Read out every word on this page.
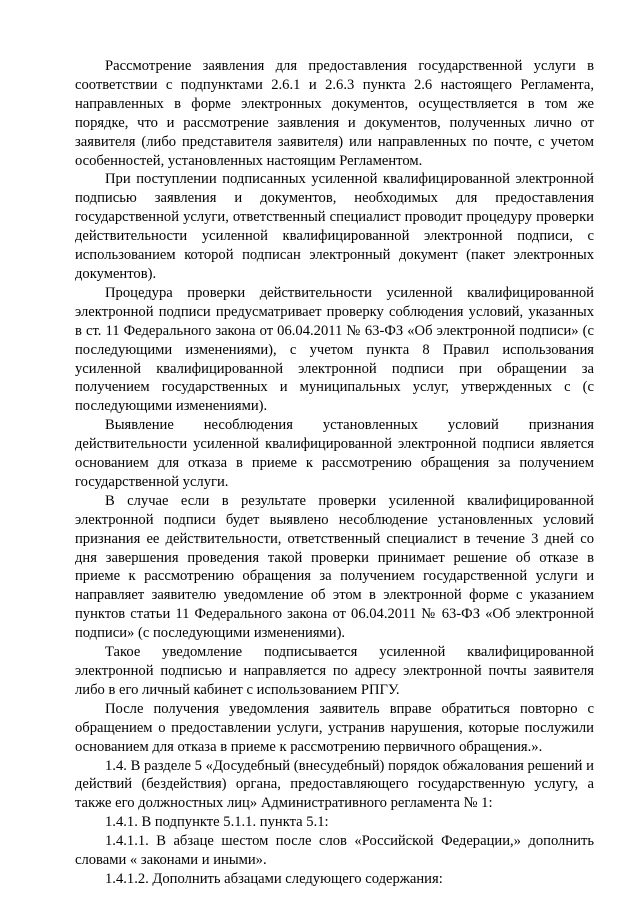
Рассмотрение заявления для предоставления государственной услуги в соответствии с подпунктами 2.6.1 и 2.6.3 пункта 2.6 настоящего Регламента, направленных в форме электронных документов, осуществляется в том же порядке, что и рассмотрение заявления и документов, полученных лично от заявителя (либо представителя заявителя) или направленных по почте, с учетом особенностей, установленных настоящим Регламентом.

При поступлении подписанных усиленной квалифицированной электронной подписью заявления и документов, необходимых для предоставления государственной услуги, ответственный специалист проводит процедуру проверки действительности усиленной квалифицированной электронной подписи, с использованием которой подписан электронный документ (пакет электронных документов).

Процедура проверки действительности усиленной квалифицированной электронной подписи предусматривает проверку соблюдения условий, указанных в ст. 11 Федерального закона от 06.04.2011 № 63-ФЗ «Об электронной подписи» (с последующими изменениями), с учетом пункта 8 Правил использования усиленной квалифицированной электронной подписи при обращении за получением государственных и муниципальных услуг, утвержденных с (с последующими изменениями).

Выявление несоблюдения установленных условий признания действительности усиленной квалифицированной электронной подписи является основанием для отказа в приеме к рассмотрению обращения за получением государственной услуги.

В случае если в результате проверки усиленной квалифицированной электронной подписи будет выявлено несоблюдение установленных условий признания ее действительности, ответственный специалист в течение 3 дней со дня завершения проведения такой проверки принимает решение об отказе в приеме к рассмотрению обращения за получением государственной услуги и направляет заявителю уведомление об этом в электронной форме с указанием пунктов статьи 11 Федерального закона от 06.04.2011 № 63-ФЗ «Об электронной подписи» (с последующими изменениями).

Такое уведомление подписывается усиленной квалифицированной электронной подписью и направляется по адресу электронной почты заявителя либо в его личный кабинет с использованием РПГУ.

После получения уведомления заявитель вправе обратиться повторно с обращением о предоставлении услуги, устранив нарушения, которые послужили основанием для отказа в приеме к рассмотрению первичного обращения.».

1.4. В разделе 5 «Досудебный (внесудебный) порядок обжалования решений и действий (бездействия) органа, предоставляющего государственную услугу, а также его должностных лиц» Административного регламента № 1:

1.4.1. В подпункте 5.1.1. пункта 5.1:

1.4.1.1. В абзаце шестом после слов «Российской Федерации,» дополнить словами « законами и иными».

1.4.1.2. Дополнить абзацами следующего содержания:
